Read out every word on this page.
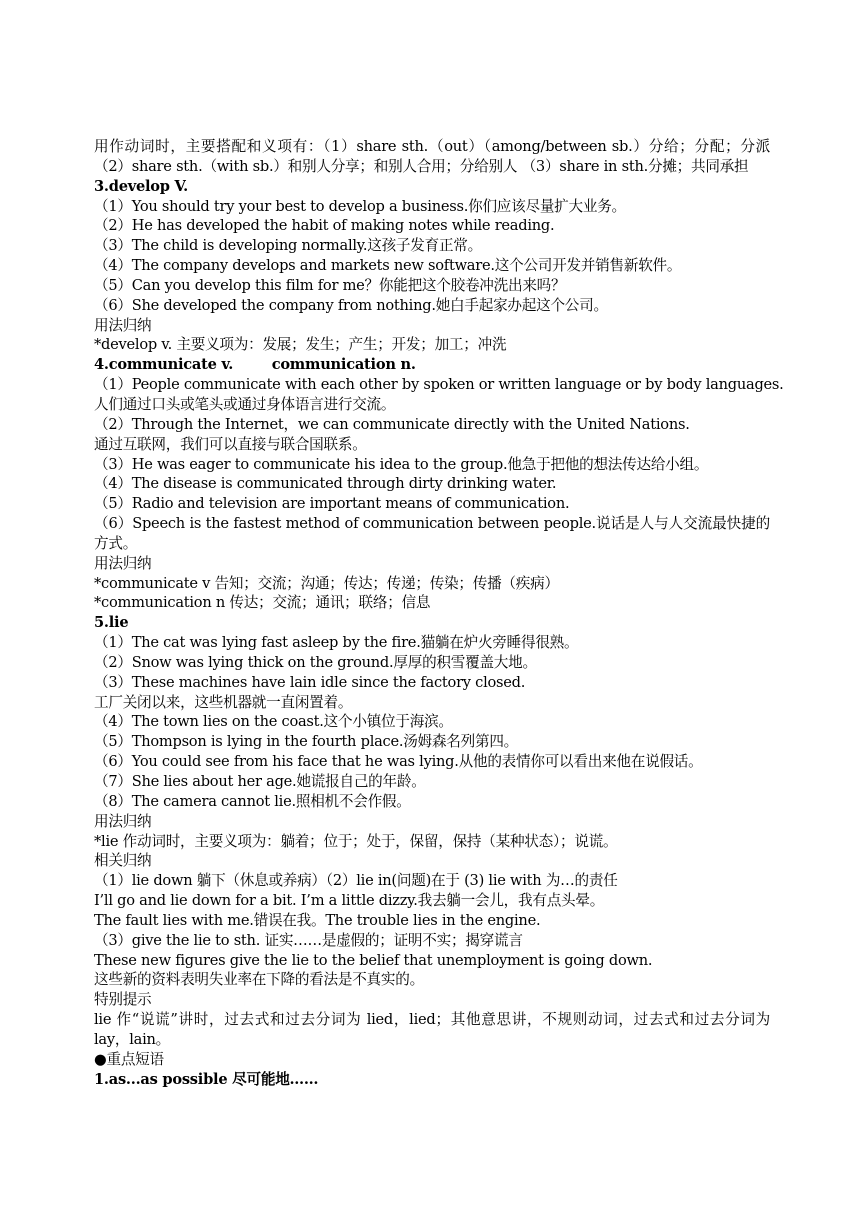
用作动词时，主要搭配和义项有：（1）share sth.（out）（among/between sb.）分给；分配；分派 （2）share sth.（with sb.）和别人分享；和别人合用；分给别人 （3）share in sth.分摊；共同承担
3.develop V.
（1）You should try your best to develop a business.你们应该尽量扩大业务。
（2）He has developed the habit of making notes while reading.
（3）The child is developing normally.这孩子发育正常。
（4）The company develops and markets new software.这个公司开发并销售新软件。
（5）Can you develop this film for me？你能把这个胶卷冲洗出来吗？
（6）She developed the company from nothing.她白手起家办起这个公司。
用法归纳
*develop v. 主要义项为：发展；发生；产生；开发；加工；冲洗
4.communicate v.        communication n.
（1）People communicate with each other by spoken or written language or by body languages.
人们通过口头或笔头或通过身体语言进行交流。
（2）Through the Internet，we can communicate directly with the United Nations.
通过互联网，我们可以直接与联合国联系。
（3）He was eager to communicate his idea to the group.他急于把他的想法传达给小组。
（4）The disease is communicated through dirty drinking water.
（5）Radio and television are important means of communication.
（6）Speech is the fastest method of communication between people.说话是人与人交流最快捷的方式。
用法归纳
*communicate v 告知；交流；沟通；传达；传递；传染；传播（疾病）
*communication n 传达；交流；通讯；联络；信息
5.lie
（1）The cat was lying fast asleep by the fire.猫躺在炉火旁睡得很熟。
（2）Snow was lying thick on the ground.厚厚的积雪覆盖大地。
（3）These machines have lain idle since the factory closed.
工厂关闭以来，这些机器就一直闲置着。
（4）The town lies on the coast.这个小镇位于海滨。
（5）Thompson is lying in the fourth place.汤姆森名列第四。
（6）You could see from his face that he was lying.从他的表情你可以看出来他在说假话。
（7）She lies about her age.她谎报自己的年龄。
（8）The camera cannot lie.照相机不会作假。
用法归纳
*lie 作动词时，主要义项为：躺着；位于；处于，保留，保持（某种状态）；说谎。
相关归纳
（1）lie down 躺下（休息或养病）（2）lie in(问题)在于 (3) lie with 为…的责任
I’ll go and lie down for a bit. I’m a little dizzy.我去躺一会儿，我有点头晕。
The fault lies with me.错误在我。The trouble lies in the engine.
（3）give the lie to sth. 证实……是虚假的；证明不实；揭穿谎言
These new figures give the lie to the belief that unemployment is going down.
这些新的资料表明失业率在下降的看法是不真实的。
特别提示
lie 作“说谎”讲时，过去式和过去分词为 lied，lied；其他意思讲，不规则动词，过去式和过去分词为 lay，lain。
●重点短语
1.as...as possible 尽可能地……
